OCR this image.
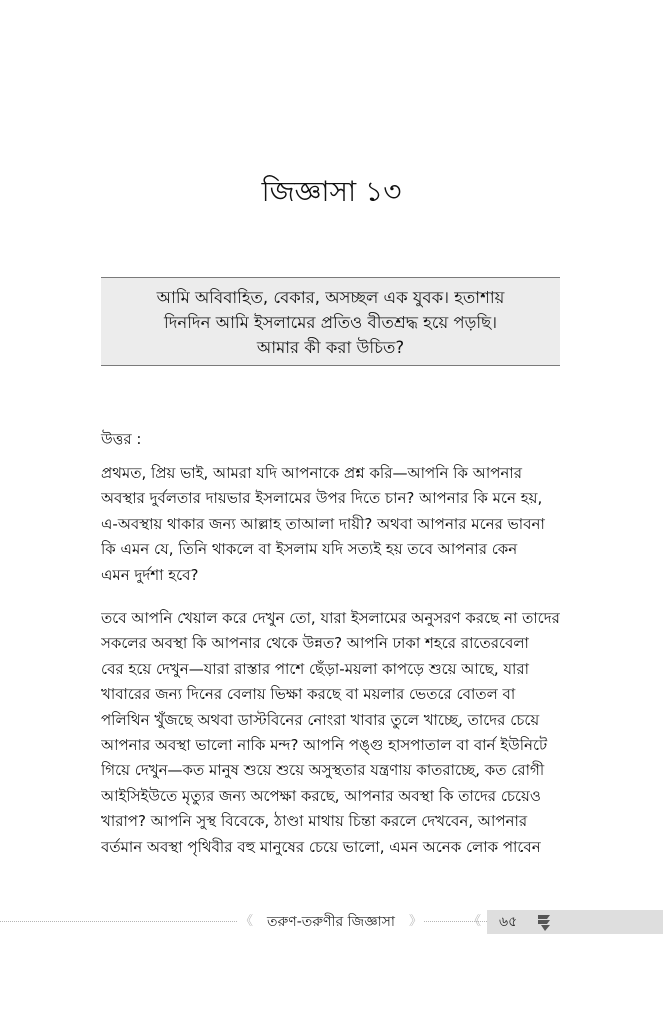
জিজ্ঞাসা ১৩
আমি অবিবাহিত, বেকার, অসচ্ছল এক যুবক। হতাশায়
দিনদিন আমি ইসলামের প্রতিও বীতশ্রদ্ধ হয়ে পড়ছি।
আমার কী করা উচিত?
উত্তর :
প্রথমত, প্রিয় ভাই, আমরা যদি আপনাকে প্রশ্ন করি—আপনি কি আপনার
অবস্থার দুর্বলতার দায়ভার ইসলামের উপর দিতে চান? আপনার কি মনে হয়,
এ-অবস্থায় থাকার জন্য আল্লাহ তাআলা দায়ী? অথবা আপনার মনের ভাবনা
কি এমন যে, তিনি থাকলে বা ইসলাম যদি সত্যই হয় তবে আপনার কেন
এমন দুর্দশা হবে?
তবে আপনি খেয়াল করে দেখুন তো, যারা ইসলামের অনুসরণ করছে না তাদের
সকলের অবস্থা কি আপনার থেকে উন্নত? আপনি ঢাকা শহরে রাতেরবেলা
বের হয়ে দেখুন—যারা রাস্তার পাশে ছেঁড়া-ময়লা কাপড়ে শুয়ে আছে, যারা
খাবারের জন্য দিনের বেলায় ভিক্ষা করছে বা ময়লার ভেতরে বোতল বা
পলিথিন খুঁজছে অথবা ডাস্টবিনের নোংরা খাবার তুলে খাচ্ছে, তাদের চেয়ে
আপনার অবস্থা ভালো নাকি মন্দ? আপনি পঙ্গু হাসপাতাল বা বার্ন ইউনিটে
গিয়ে দেখুন—কত মানুষ শুয়ে শুয়ে অসুস্থতার যন্ত্রণায় কাতরাচ্ছে, কত রোগী
আইসিইউতে মৃত্যুর জন্য অপেক্ষা করছে, আপনার অবস্থা কি তাদের চেয়েও
খারাপ? আপনি সুস্থ বিবেকে, ঠাণ্ডা মাথায় চিন্তা করলে দেখবেন, আপনার
বর্তমান অবস্থা পৃথিবীর বহু মানুষের চেয়ে ভালো, এমন অনেক লোক পাবেন
《 তরুণ-তরুণীর জিজ্ঞাসা 》	《 ৬৫
